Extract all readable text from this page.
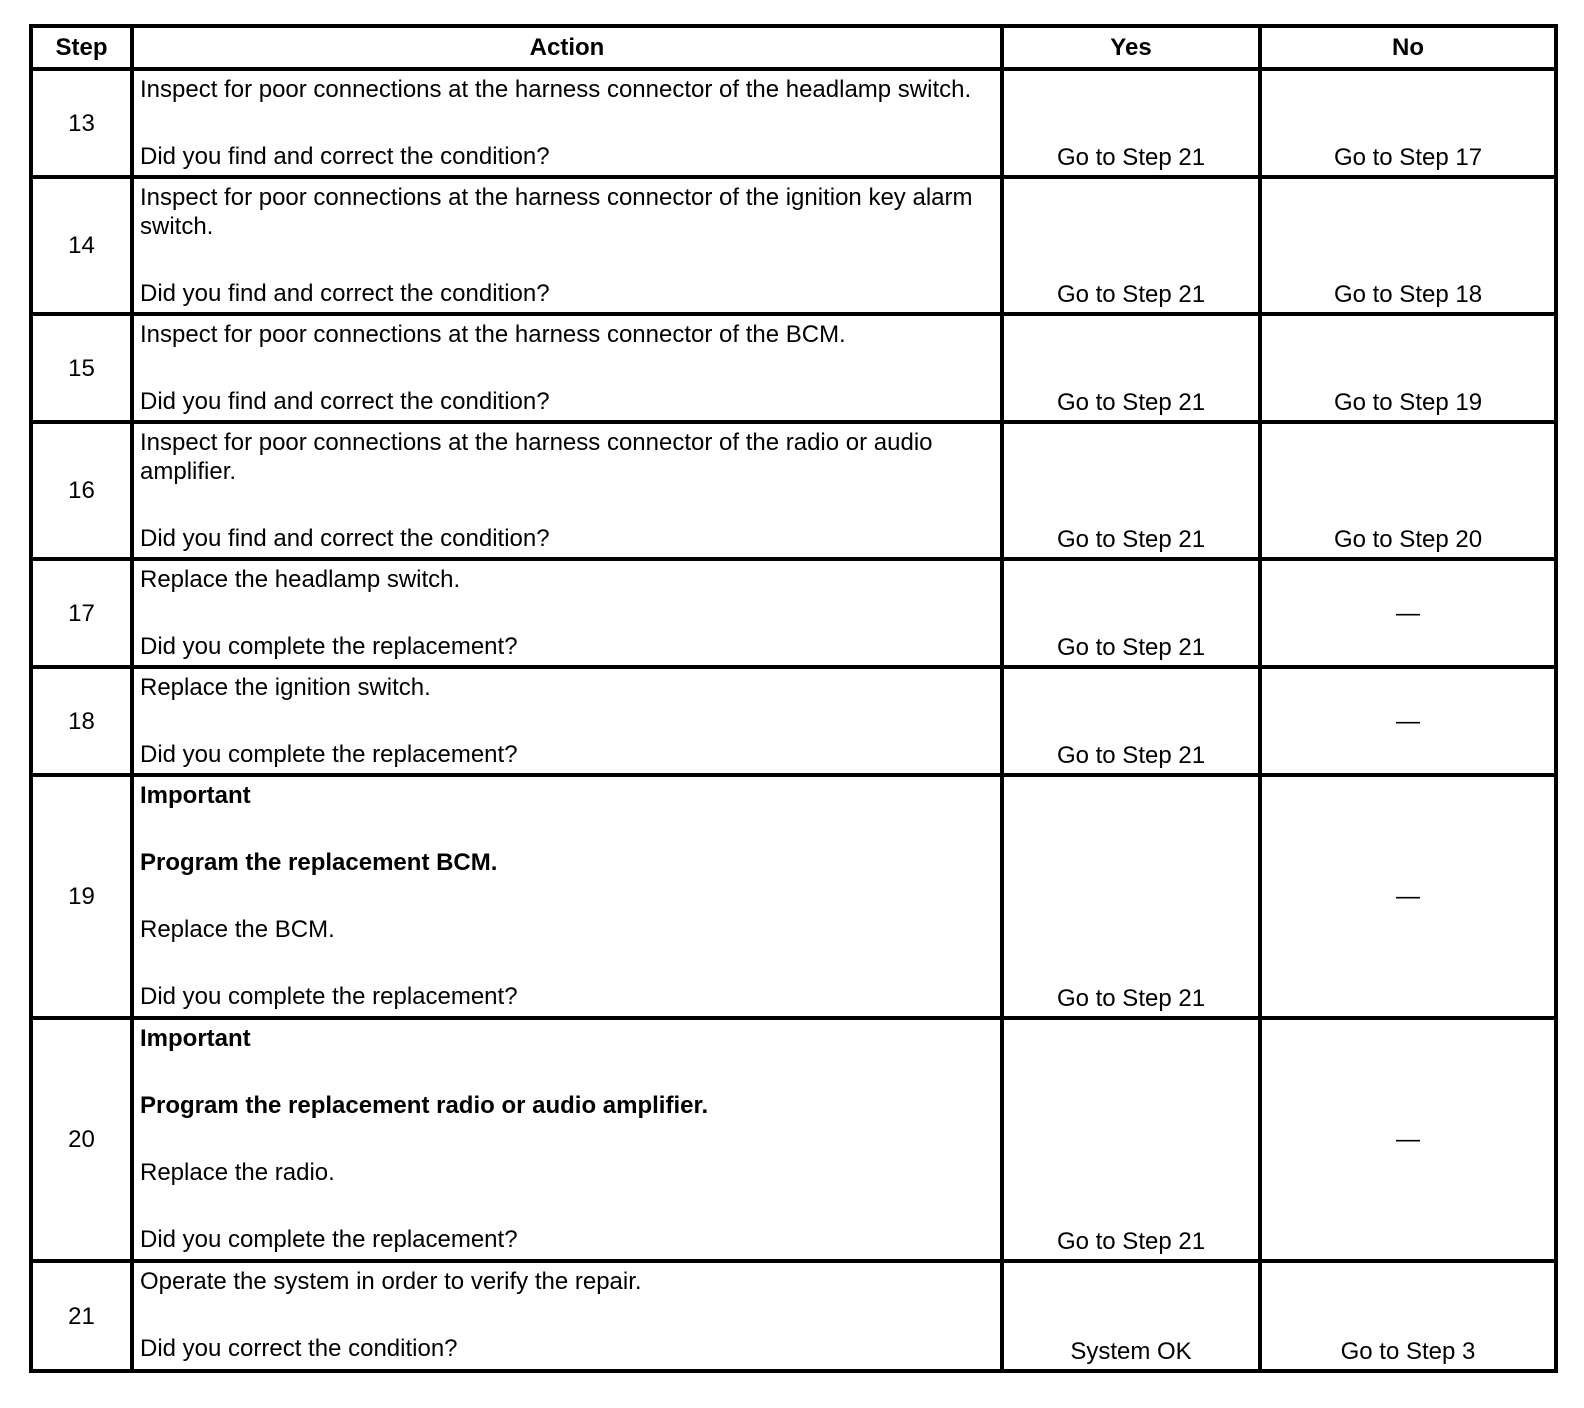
Step	Action	Yes	No
13	Inspect for poor connections at the harness connector of the headlamp switch.

Did you find and correct the condition?	Go to Step 21	Go to Step 17
14	Inspect for poor connections at the harness connector of the ignition key alarm switch.

Did you find and correct the condition?	Go to Step 21	Go to Step 18
15	Inspect for poor connections at the harness connector of the BCM.

Did you find and correct the condition?	Go to Step 21	Go to Step 19
16	Inspect for poor connections at the harness connector of the radio or audio amplifier.

Did you find and correct the condition?	Go to Step 21	Go to Step 20
17	Replace the headlamp switch.

Did you complete the replacement?	Go to Step 21	—
18	Replace the ignition switch.

Did you complete the replacement?	Go to Step 21	—
19	Important

Program the replacement BCM.

Replace the BCM.

Did you complete the replacement?	Go to Step 21	—
20	Important

Program the replacement radio or audio amplifier.

Replace the radio.

Did you complete the replacement?	Go to Step 21	—
21	Operate the system in order to verify the repair.

Did you correct the condition?	System OK	Go to Step 3
